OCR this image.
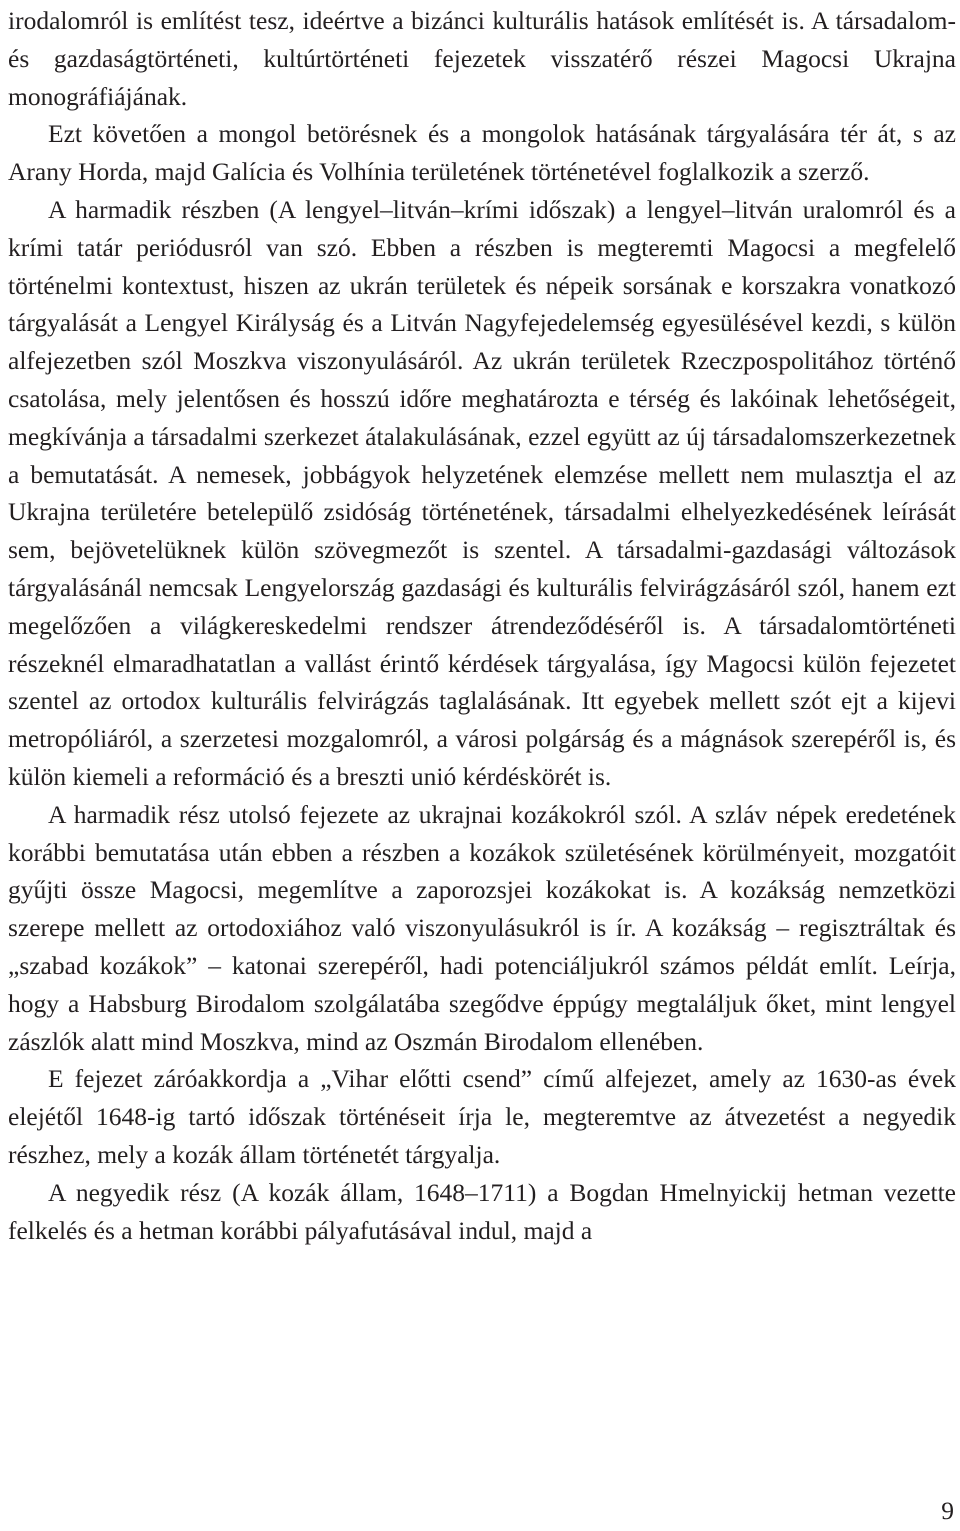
irodalomról is említést tesz, ideértve a bizánci kulturális hatások említését is. A társadalom- és gazdaságtörténeti, kultúrtörténeti fejezetek visszatérő részei Magocsi Ukrajna monográfiájának.

Ezt követően a mongol betörésnek és a mongolok hatásának tárgyalására tér át, s az Arany Horda, majd Galícia és Volhínia területének történetével foglalkozik a szerző.

A harmadik részben (A lengyel–litván–krími időszak) a lengyel–litván uralomról és a krími tatár periódusról van szó. Ebben a részben is megteremti Magocsi a megfelelő történelmi kontextust, hiszen az ukrán területek és népeik sorsának e korszakra vonatkozó tárgyalását a Lengyel Királyság és a Litván Nagyfejedelemség egyesülésével kezdi, s külön alfejezetben szól Moszkva viszonyulásáról. Az ukrán területek Rzeczpospolitához történő csatolása, mely jelentősen és hosszú időre meghatározta e térség és lakóinak lehetőségeit, megkívánja a társadalmi szerkezet átalakulásának, ezzel együtt az új társadalomszerkezetnek a bemutatását. A nemesek, jobbágyok helyzetének elemzése mellett nem mulasztja el az Ukrajna területére betelepülő zsidóság történetének, társadalmi elhelyezkedésének leírását sem, bejövetelüknek külön szövegmezőt is szentel. A társadalmi-gazdasági változások tárgyalásánál nemcsak Lengyelország gazdasági és kulturális felvirágzásáról szól, hanem ezt megelőzően a világkereskedelmi rendszer átrendeződéséről is. A társadalomtörténeti részeknél elmaradhatatlan a vallást érintő kérdések tárgyalása, így Magocsi külön fejezetet szentel az ortodox kulturális felvirágzás taglalásának. Itt egyebek mellett szót ejt a kijevi metropóliáról, a szerzetesi mozgalomról, a városi polgárság és a mágnások szerepéről is, és külön kiemeli a reformáció és a breszti unió kérdéskörét is.

A harmadik rész utolsó fejezete az ukrajnai kozákokról szól. A szláv népek eredetének korábbi bemutatása után ebben a részben a kozákok születésének körülményeit, mozgatóit gyűjti össze Magocsi, megemlítve a zaporozsjei kozákokat is. A kozákság nemzetközi szerepe mellett az ortodoxiához való viszonyulásukról is ír. A kozákság – regisztráltak és „szabad kozákok” – katonai szerepéről, hadi potenciáljukról számos példát említ. Leírja, hogy a Habsburg Birodalom szolgálatába szegődve éppúgy megtaláljuk őket, mint lengyel zászlók alatt mind Moszkva, mind az Oszmán Birodalom ellenében.

E fejezet záróakkordja a „Vihar előtti csend” című alfejezet, amely az 1630-as évek elejétől 1648-ig tartó időszak történéseit írja le, megteremtve az átvezetést a negyedik részhez, mely a kozák állam történetét tárgyalja.

A negyedik rész (A kozák állam, 1648–1711) a Bogdan Hmelnyickij hetman vezette felkelés és a hetman korábbi pályafutásával indul, majd a

9
